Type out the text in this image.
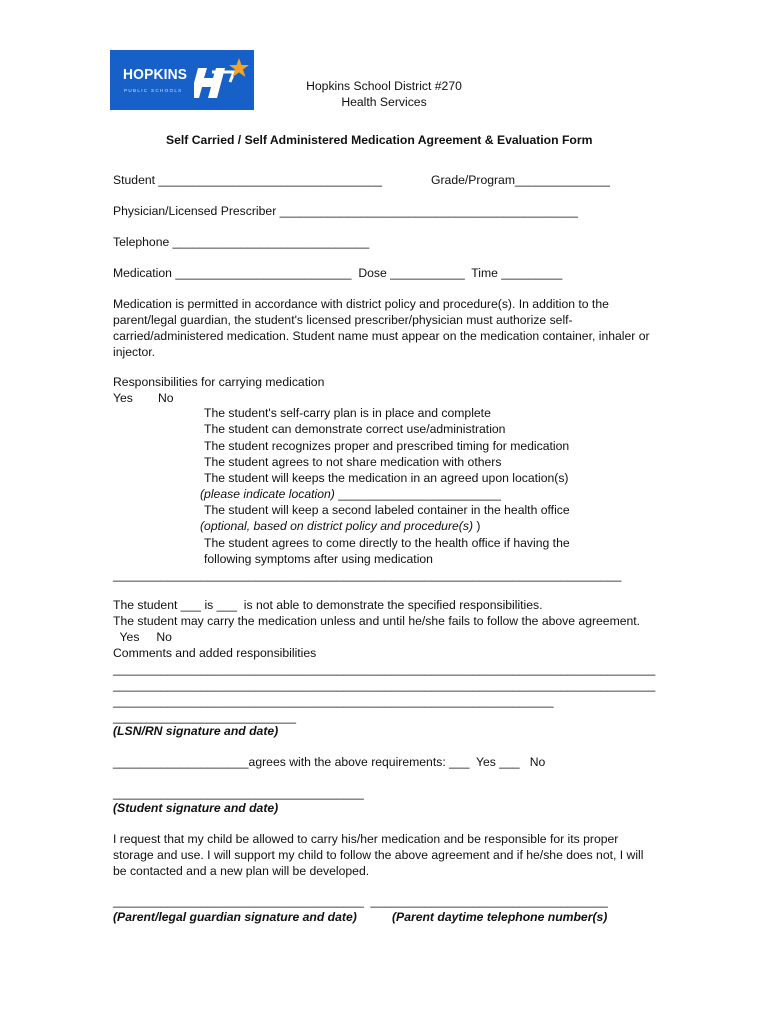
HOPKINS
PUBLIC SCHOOLS	Hopkins School District #270
Health Services
Self Carried / Self Administered Medication Agreement & Evaluation Form
Student _________________________________	Grade/Program______________
Physician/Licensed Prescriber ____________________________________________
Telephone _____________________________
Medication __________________________  Dose ___________  Time _________
Medication is permitted in accordance with district policy and procedure(s). In addition to the parent/legal guardian, the student's licensed prescriber/physician must authorize self-carried/administered medication. Student name must appear on the medication container, inhaler or injector.
Responsibilities for carrying medication
Yes No
The student's self-carry plan is in place and complete
The student can demonstrate correct use/administration
The student recognizes proper and prescribed timing for medication
The student agrees to not share medication with others
The student will keeps the medication in an agreed upon location(s)
(please indicate location) ________________________
The student will keep a second labeled container in the health office
(optional, based on district policy and procedure(s) )
The student agrees to come directly to the health office if having the
following symptoms after using medication
___________________________________________________________________________
The student ___ is ___  is not able to demonstrate the specified responsibilities.
The student may carry the medication unless and until he/she fails to follow the above agreement.
Yes     No
Comments and added responsibilities
________________________________________________________________________________
________________________________________________________________________________
_________________________________________________________________
___________________________
(LSN/RN signature and date)
____________________agrees with the above requirements: ___  Yes ___   No
_____________________________________
(Student signature and date)
I request that my child be allowed to carry his/her medication and be responsible for its proper storage and use. I will support my child to follow the above agreement and if he/she does not, I will be contacted and a new plan will be developed.
_____________________________________  ___________________________________
(Parent/legal guardian signature and date)	(Parent daytime telephone number(s)
